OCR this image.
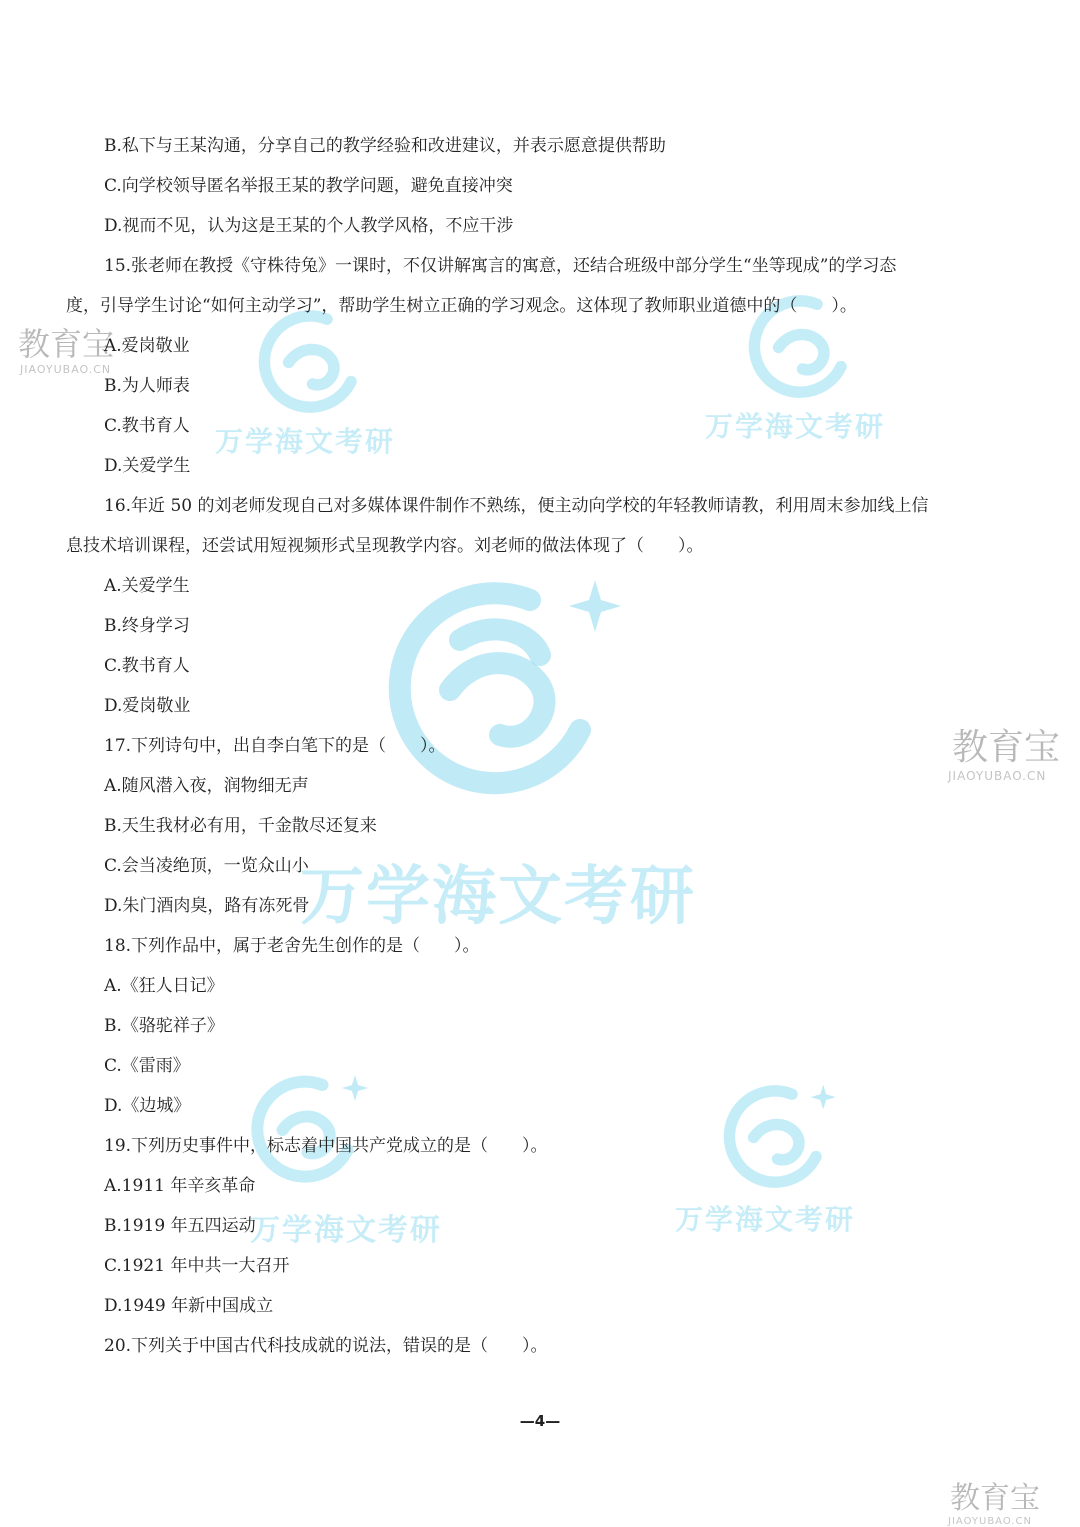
万学海文考研
万学海文考研	万学海文考研
万学海文考研	万学海文考研
教育宝
JIAOYUBAO.CN
教育宝
JIAOYUBAO.CN
教育宝
JIAOYUBAO.CN
B.私下与王某沟通，分享自己的教学经验和改进建议，并表示愿意提供帮助
C.向学校领导匿名举报王某的教学问题，避免直接冲突
D.视而不见，认为这是王某的个人教学风格，不应干涉
15.张老师在教授《守株待兔》一课时，不仅讲解寓言的寓意，还结合班级中部分学生“坐等现成”的学习态
度，引导学生讨论“如何主动学习”，帮助学生树立正确的学习观念。这体现了教师职业道德中的（　　）。
A.爱岗敬业
B.为人师表
C.教书育人
D.关爱学生
16.年近 50 的刘老师发现自己对多媒体课件制作不熟练，便主动向学校的年轻教师请教，利用周末参加线上信
息技术培训课程，还尝试用短视频形式呈现教学内容。刘老师的做法体现了（　　）。
A.关爱学生
B.终身学习
C.教书育人
D.爱岗敬业
17.下列诗句中，出自李白笔下的是（　　）。
A.随风潜入夜，润物细无声
B.天生我材必有用，千金散尽还复来
C.会当凌绝顶，一览众山小
D.朱门酒肉臭，路有冻死骨
18.下列作品中，属于老舍先生创作的是（　　）。
A.《狂人日记》
B.《骆驼祥子》
C.《雷雨》
D.《边城》
19.下列历史事件中，标志着中国共产党成立的是（　　）。
A.1911 年辛亥革命
B.1919 年五四运动
C.1921 年中共一大召开
D.1949 年新中国成立
20.下列关于中国古代科技成就的说法，错误的是（　　）。
—4—
